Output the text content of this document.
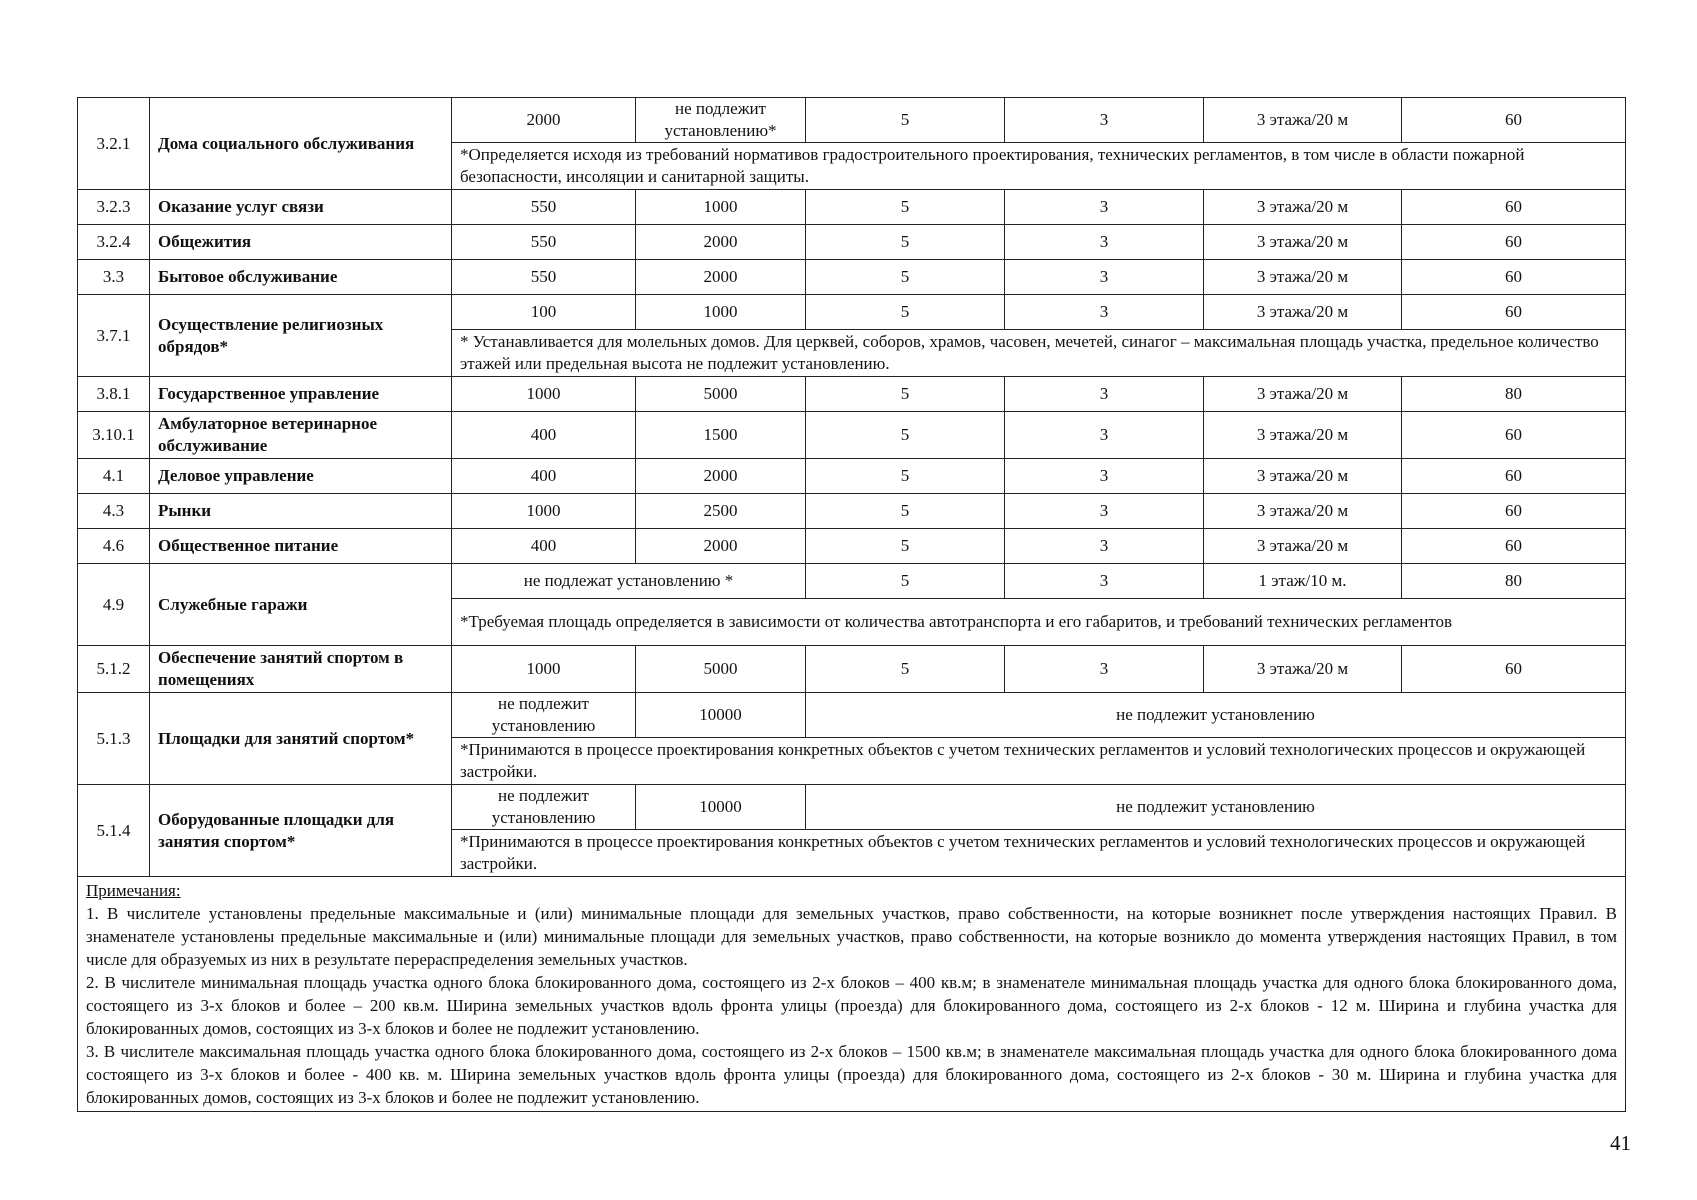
3.2.1	Дома социального обслуживания	2000	не подлежит установлению*	5	3	3 этажа/20 м	60
		*Определяется исходя из требований нормативов градостроительного проектирования, технических регламентов, в том числе в области пожарной безопасности, инсоляции и санитарной защиты.					
3.2.3	Оказание услуг связи	550	1000	5	3	3 этажа/20 м	60
3.2.4	Общежития	550	2000	5	3	3 этажа/20 м	60
3.3	Бытовое обслуживание	550	2000	5	3	3 этажа/20 м	60
3.7.1	Осуществление религиозных обрядов*	100	1000	5	3	3 этажа/20 м	60
		* Устанавливается для молельных домов. Для церквей, соборов, храмов, часовен, мечетей, синагог – максимальная площадь участка, предельное количество этажей или предельная высота не подлежит установлению.					
3.8.1	Государственное управление	1000	5000	5	3	3 этажа/20 м	80
3.10.1	Амбулаторное ветеринарное обслуживание	400	1500	5	3	3 этажа/20 м	60
4.1	Деловое управление	400	2000	5	3	3 этажа/20 м	60
4.3	Рынки	1000	2500	5	3	3 этажа/20 м	60
4.6	Общественное питание	400	2000	5	3	3 этажа/20 м	60
4.9	Служебные гаражи	не подлежат установлению *		5	3	1 этаж/10 м.	80
		*Требуемая площадь определяется в зависимости от количества автотранспорта и его габаритов, и требований технических регламентов					
5.1.2	Обеспечение занятий спортом в помещениях	1000	5000	5	3	3 этажа/20 м	60
5.1.3	Площадки для занятий спортом*	не подлежит установлению	10000	не подлежит установлению			
		*Принимаются в процессе проектирования конкретных объектов с учетом технических регламентов и условий технологических процессов и окружающей застройки.					
5.1.4	Оборудованные площадки для занятия спортом*	не подлежит установлению	10000	не подлежит установлению			
		*Принимаются в процессе проектирования конкретных объектов с учетом технических регламентов и условий технологических процессов и окружающей застройки.					
Примечания:
1. В числителе установлены предельные максимальные и (или) минимальные площади для земельных участков, право собственности, на которые возникнет после утверждения настоящих Правил. В знаменателе установлены предельные максимальные и (или) минимальные площади для земельных участков, право собственности, на которые возникло до момента утверждения настоящих Правил, в том числе для образуемых из них в результате перераспределения земельных участков.
2. В числителе минимальная площадь участка одного блока блокированного дома, состоящего из 2-х блоков – 400 кв.м; в знаменателе минимальная площадь участка для одного блока блокированного дома, состоящего из 3-х блоков и более – 200 кв.м. Ширина земельных участков вдоль фронта улицы (проезда) для блокированного дома, состоящего из 2-х блоков - 12 м. Ширина и глубина участка для блокированных домов, состоящих из 3-х блоков и более не подлежит установлению.
3. В числителе максимальная площадь участка одного блока блокированного дома, состоящего из 2-х блоков – 1500 кв.м; в знаменателе максимальная площадь участка для одного блока блокированного дома состоящего из 3-х блоков и более - 400 кв. м. Ширина земельных участков вдоль фронта улицы (проезда) для блокированного дома, состоящего из 2-х блоков - 30 м. Ширина и глубина участка для блокированных домов, состоящих из 3-х блоков и более не подлежит установлению.							
41
